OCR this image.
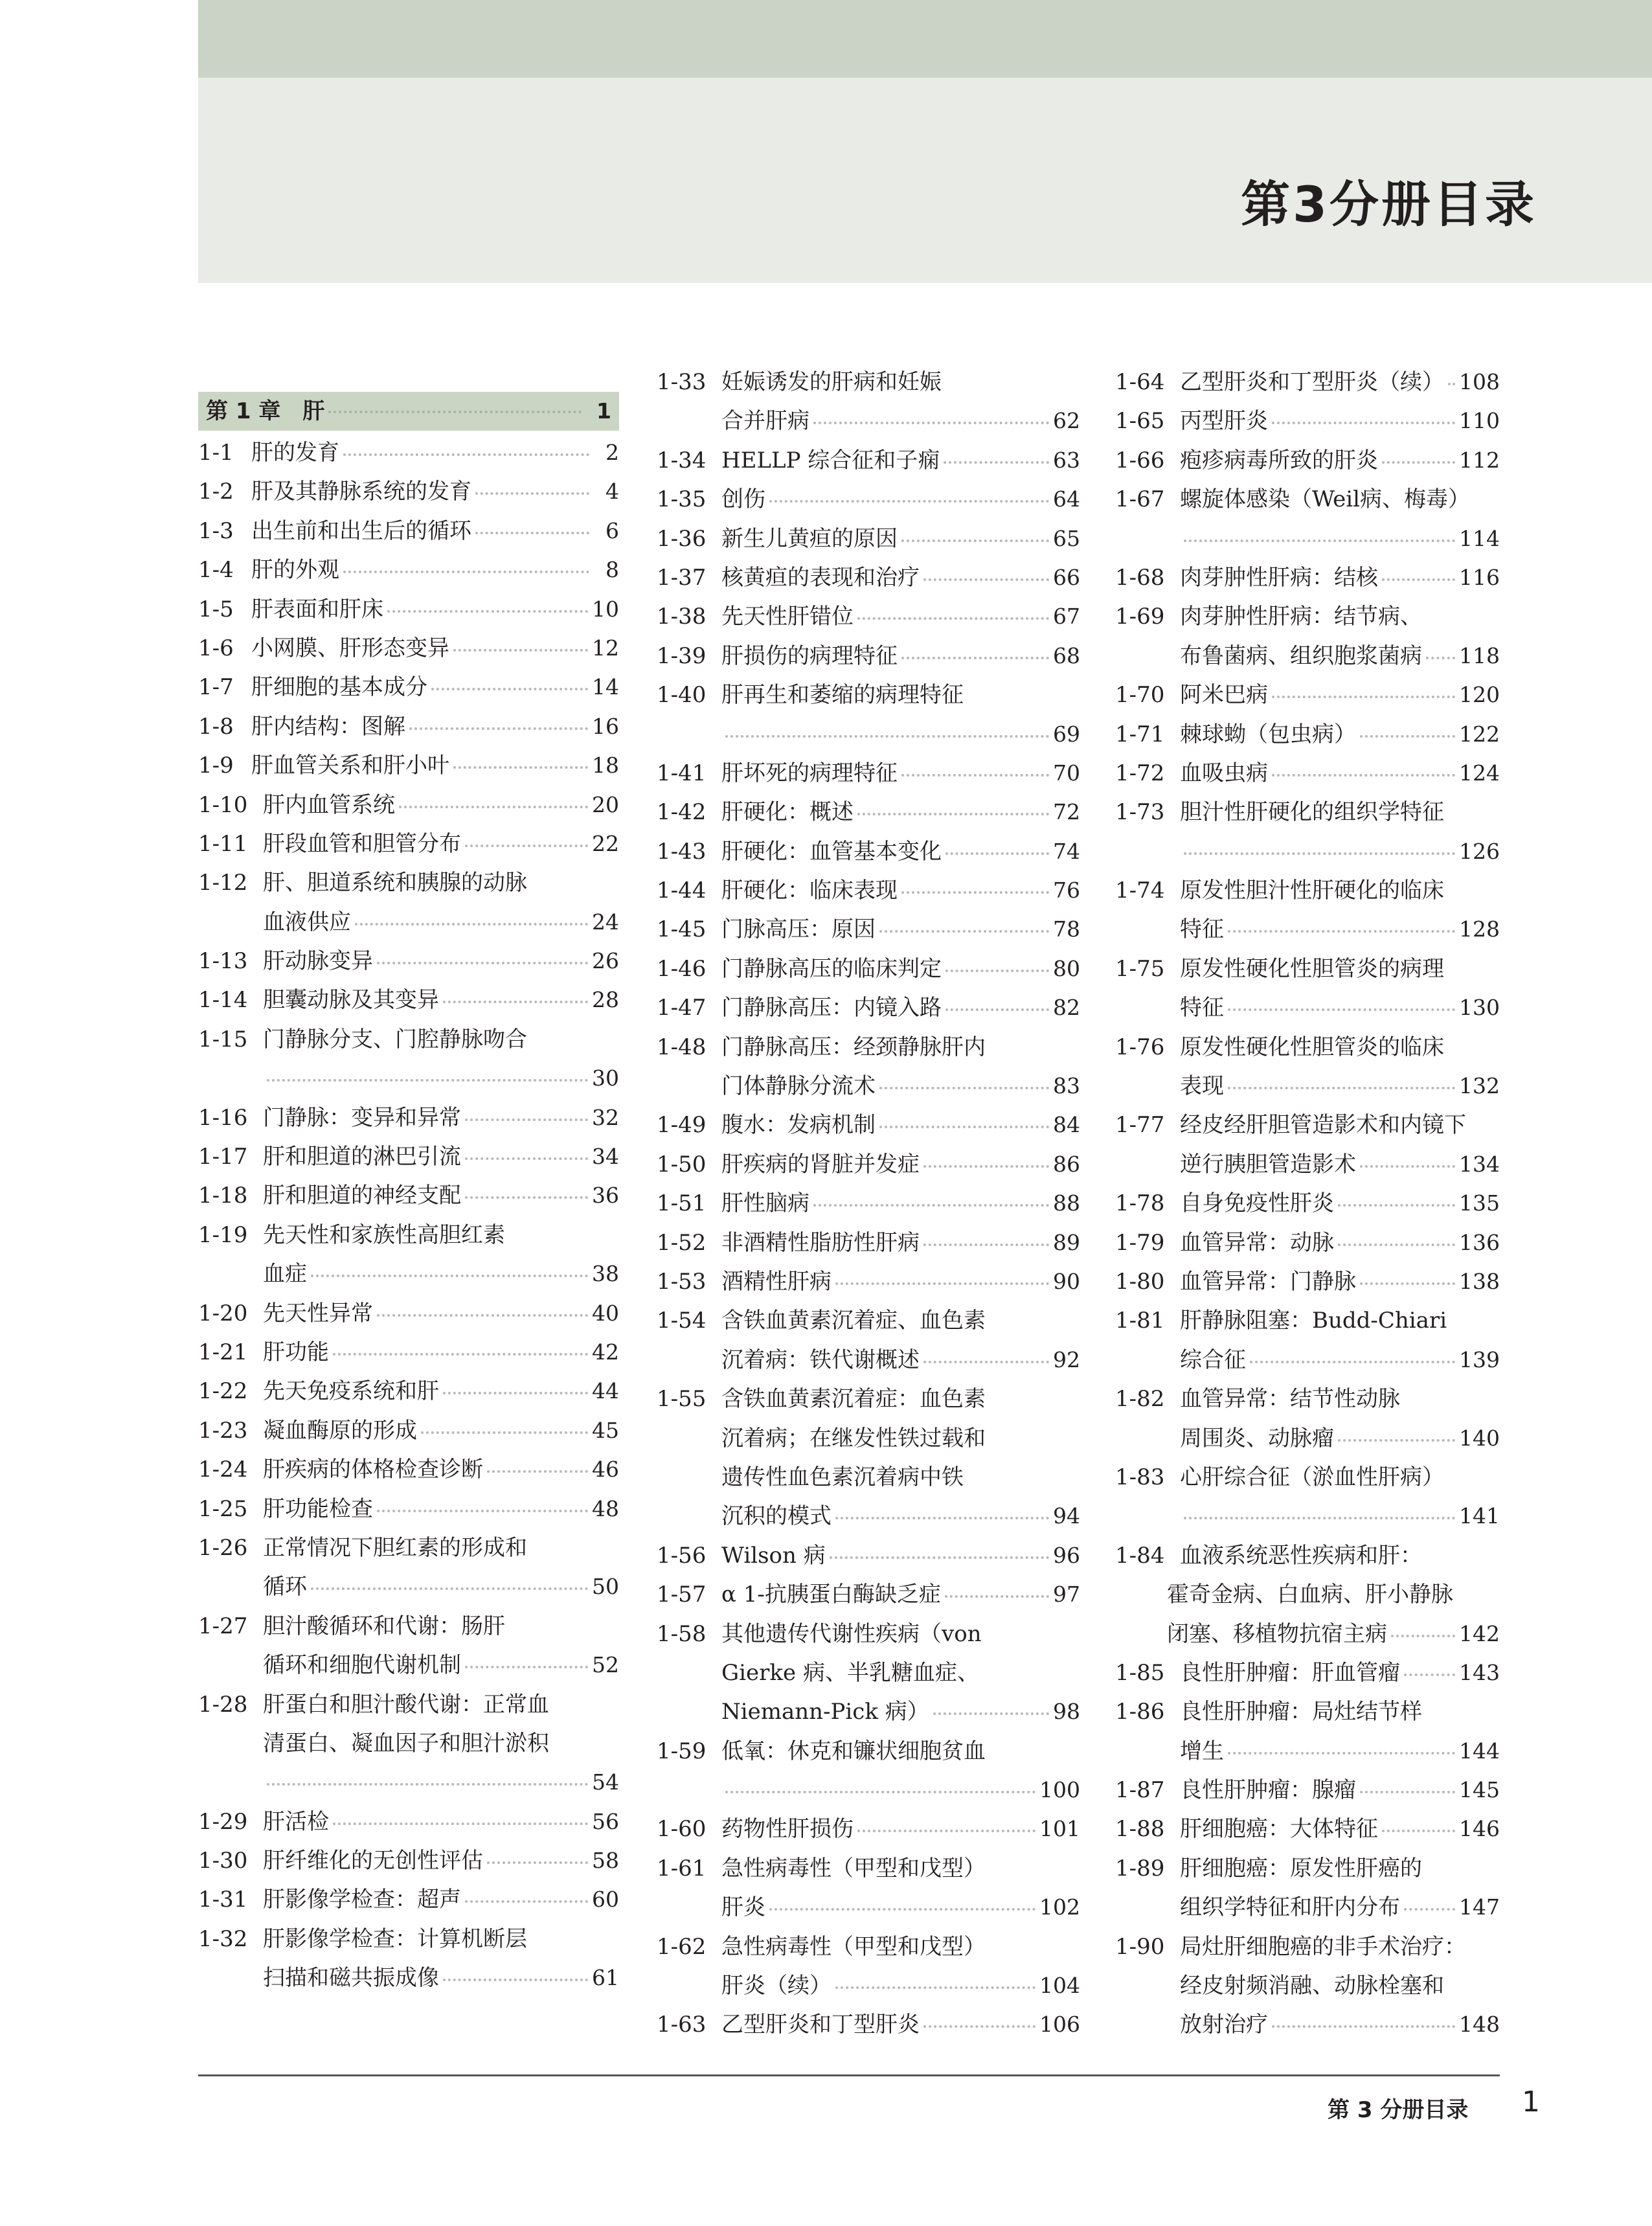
第3分册目录
第 1 章　肝	1
1-1 肝的发育	2
1-2 肝及其静脉系统的发育	4
1-3 出生前和出生后的循环	6
1-4 肝的外观	8
1-5 肝表面和肝床	10
1-6 小网膜、肝形态变异	12
1-7 肝细胞的基本成分	14
1-8 肝内结构：图解	16
1-9 肝血管关系和肝小叶	18
1-10 肝内血管系统	20
1-11 肝段血管和胆管分布	22
1-12 肝、胆道系统和胰腺的动脉
血液供应	24
1-13 肝动脉变异	26
1-14 胆囊动脉及其变异	28
1-15 门静脉分支、门腔静脉吻合
30
1-16 门静脉：变异和异常	32
1-17 肝和胆道的淋巴引流	34
1-18 肝和胆道的神经支配	36
1-19 先天性和家族性高胆红素
血症	38
1-20 先天性异常	40
1-21 肝功能	42
1-22 先天免疫系统和肝	44
1-23 凝血酶原的形成	45
1-24 肝疾病的体格检查诊断	46
1-25 肝功能检查	48
1-26 正常情况下胆红素的形成和
循环	50
1-27 胆汁酸循环和代谢：肠肝
循环和细胞代谢机制	52
1-28 肝蛋白和胆汁酸代谢：正常血
清蛋白、凝血因子和胆汁淤积
54
1-29 肝活检	56
1-30 肝纤维化的无创性评估	58
1-31 肝影像学检查：超声	60
1-32 肝影像学检查：计算机断层
扫描和磁共振成像	61
1-33 妊娠诱发的肝病和妊娠
合并肝病	62
1-34 HELLP 综合征和子痫	63
1-35 创伤	64
1-36 新生儿黄疸的原因	65
1-37 核黄疸的表现和治疗	66
1-38 先天性肝错位	67
1-39 肝损伤的病理特征	68
1-40 肝再生和萎缩的病理特征
69
1-41 肝坏死的病理特征	70
1-42 肝硬化：概述	72
1-43 肝硬化：血管基本变化	74
1-44 肝硬化：临床表现	76
1-45 门脉高压：原因	78
1-46 门静脉高压的临床判定	80
1-47 门静脉高压：内镜入路	82
1-48 门静脉高压：经颈静脉肝内
门体静脉分流术	83
1-49 腹水：发病机制	84
1-50 肝疾病的肾脏并发症	86
1-51 肝性脑病	88
1-52 非酒精性脂肪性肝病	89
1-53 酒精性肝病	90
1-54 含铁血黄素沉着症、血色素
沉着病：铁代谢概述	92
1-55 含铁血黄素沉着症：血色素
沉着病；在继发性铁过载和
遗传性血色素沉着病中铁
沉积的模式	94
1-56 Wilson 病	96
1-57 α 1-抗胰蛋白酶缺乏症	97
1-58 其他遗传代谢性疾病（von
Gierke 病、半乳糖血症、
Niemann-Pick 病）	98
1-59 低氧：休克和镰状细胞贫血
100
1-60 药物性肝损伤	101
1-61 急性病毒性（甲型和戊型）
肝炎	102
1-62 急性病毒性（甲型和戊型）
肝炎（续）	104
1-63 乙型肝炎和丁型肝炎	106
1-64 乙型肝炎和丁型肝炎（续） 108
1-65 丙型肝炎	110
1-66 疱疹病毒所致的肝炎	112
1-67 螺旋体感染（Weil病、梅毒）
114
1-68 肉芽肿性肝病：结核	116
1-69 肉芽肿性肝病：结节病、
布鲁菌病、组织胞浆菌病 118
1-70 阿米巴病	120
1-71 棘球蚴（包虫病）	122
1-72 血吸虫病	124
1-73 胆汁性肝硬化的组织学特征
126
1-74 原发性胆汁性肝硬化的临床
特征	128
1-75 原发性硬化性胆管炎的病理
特征	130
1-76 原发性硬化性胆管炎的临床
表现	132
1-77 经皮经肝胆管造影术和内镜下
逆行胰胆管造影术	134
1-78 自身免疫性肝炎	135
1-79 血管异常：动脉	136
1-80 血管异常：门静脉	138
1-81 肝静脉阻塞：Budd-Chiari
综合征	139
1-82 血管异常：结节性动脉
周围炎、动脉瘤	140
1-83 心肝综合征（淤血性肝病）
141
1-84 血液系统恶性疾病和肝：
霍奇金病、白血病、肝小静脉
闭塞、移植物抗宿主病	142
1-85 良性肝肿瘤：肝血管瘤	143
1-86 良性肝肿瘤：局灶结节样
增生	144
1-87 良性肝肿瘤：腺瘤	145
1-88 肝细胞癌：大体特征	146
1-89 肝细胞癌：原发性肝癌的
组织学特征和肝内分布	147
1-90 局灶肝细胞癌的非手术治疗：
经皮射频消融、动脉栓塞和
放射治疗	148
第 3 分册目录 1
